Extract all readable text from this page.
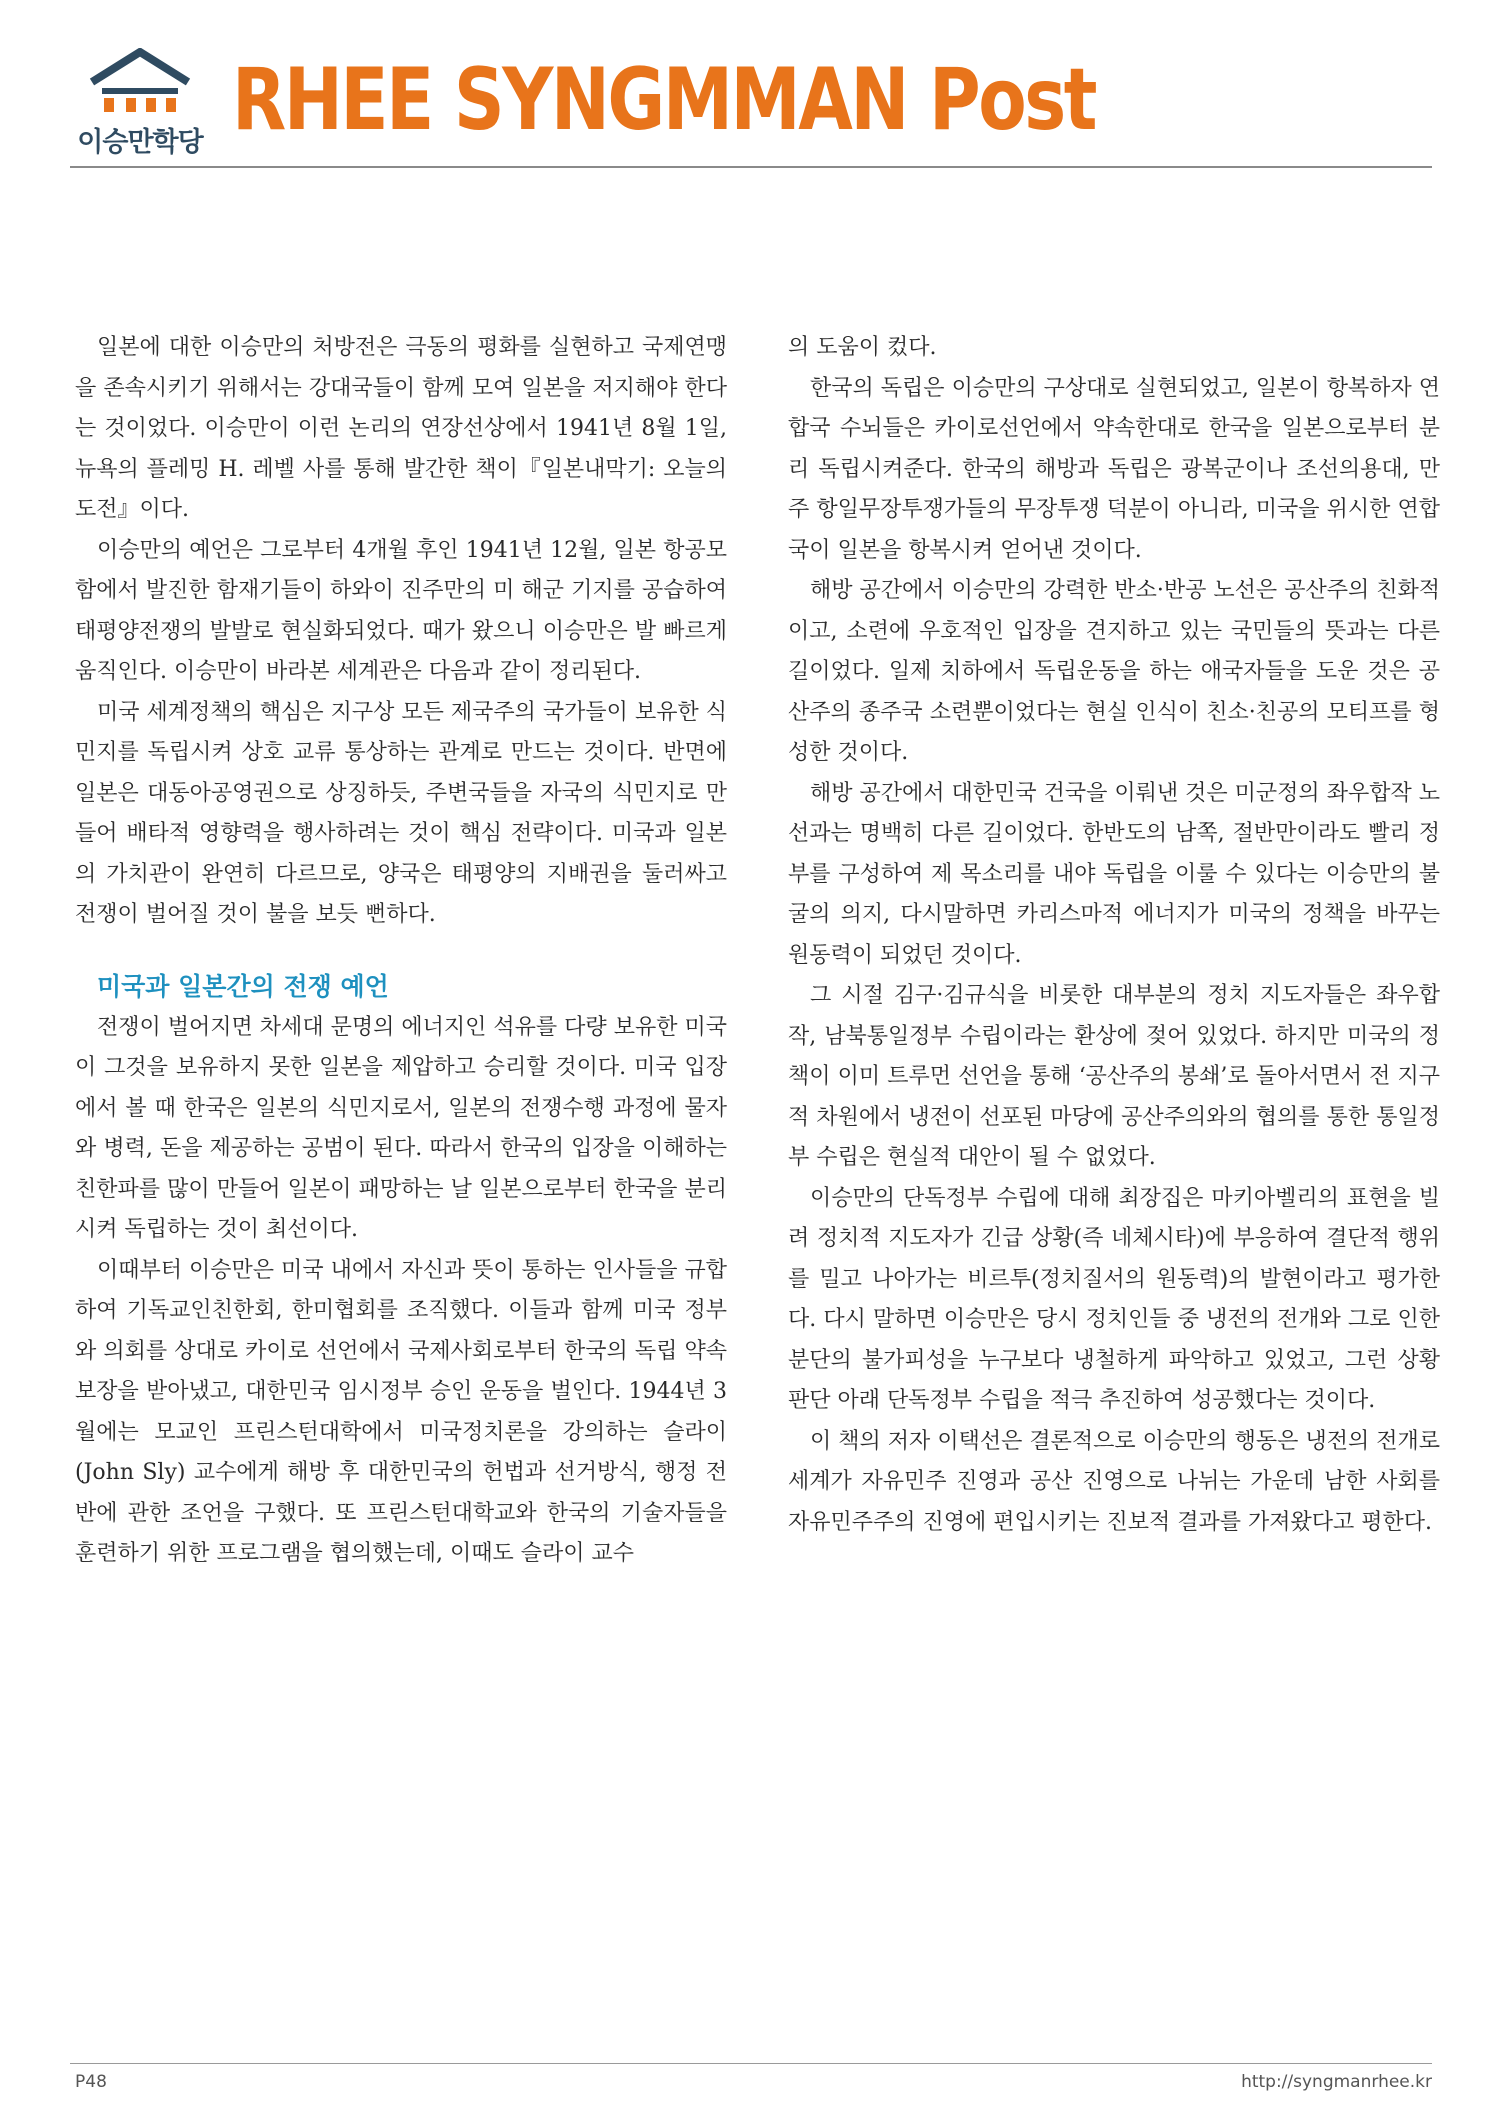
이승만학당 RHEE SYNGMMAN Post

일본에 대한 이승만의 처방전은 극동의 평화를 실현하고 국제연맹을 존속시키기 위해서는 강대국들이 함께 모여 일본을 저지해야 한다는 것이었다. 이승만이 이런 논리의 연장선상에서 1941년 8월 1일, 뉴욕의 플레밍 H. 레벨 사를 통해 발간한 책이『일본내막기: 오늘의 도전』이다.

이승만의 예언은 그로부터 4개월 후인 1941년 12월, 일본 항공모함에서 발진한 함재기들이 하와이 진주만의 미 해군 기지를 공습하여 태평양전쟁의 발발로 현실화되었다. 때가 왔으니 이승만은 발 빠르게 움직인다. 이승만이 바라본 세계관은 다음과 같이 정리된다.

미국 세계정책의 핵심은 지구상 모든 제국주의 국가들이 보유한 식민지를 독립시켜 상호 교류 통상하는 관계로 만드는 것이다. 반면에 일본은 대동아공영권으로 상징하듯, 주변국들을 자국의 식민지로 만들어 배타적 영향력을 행사하려는 것이 핵심 전략이다. 미국과 일본의 가치관이 완연히 다르므로, 양국은 태평양의 지배권을 둘러싸고 전쟁이 벌어질 것이 불을 보듯 뻔하다.

미국과 일본간의 전쟁 예언

전쟁이 벌어지면 차세대 문명의 에너지인 석유를 다량 보유한 미국이 그것을 보유하지 못한 일본을 제압하고 승리할 것이다. 미국 입장에서 볼 때 한국은 일본의 식민지로서, 일본의 전쟁수행 과정에 물자와 병력, 돈을 제공하는 공범이 된다. 따라서 한국의 입장을 이해하는 친한파를 많이 만들어 일본이 패망하는 날 일본으로부터 한국을 분리시켜 독립하는 것이 최선이다.

이때부터 이승만은 미국 내에서 자신과 뜻이 통하는 인사들을 규합하여 기독교인친한회, 한미협회를 조직했다. 이들과 함께 미국 정부와 의회를 상대로 카이로 선언에서 국제사회로부터 한국의 독립 약속 보장을 받아냈고, 대한민국 임시정부 승인 운동을 벌인다. 1944년 3월에는 모교인 프린스턴대학에서 미국정치론을 강의하는 슬라이(John Sly) 교수에게 해방 후 대한민국의 헌법과 선거방식, 행정 전반에 관한 조언을 구했다. 또 프린스턴대학교와 한국의 기술자들을 훈련하기 위한 프로그램을 협의했는데, 이때도 슬라이 교수

의 도움이 컸다.

한국의 독립은 이승만의 구상대로 실현되었고, 일본이 항복하자 연합국 수뇌들은 카이로선언에서 약속한대로 한국을 일본으로부터 분리 독립시켜준다. 한국의 해방과 독립은 광복군이나 조선의용대, 만주 항일무장투쟁가들의 무장투쟁 덕분이 아니라, 미국을 위시한 연합국이 일본을 항복시켜 얻어낸 것이다.

해방 공간에서 이승만의 강력한 반소·반공 노선은 공산주의 친화적이고, 소련에 우호적인 입장을 견지하고 있는 국민들의 뜻과는 다른 길이었다. 일제 치하에서 독립운동을 하는 애국자들을 도운 것은 공산주의 종주국 소련뿐이었다는 현실 인식이 친소·친공의 모티프를 형성한 것이다.

해방 공간에서 대한민국 건국을 이뤄낸 것은 미군정의 좌우합작 노선과는 명백히 다른 길이었다. 한반도의 남쪽, 절반만이라도 빨리 정부를 구성하여 제 목소리를 내야 독립을 이룰 수 있다는 이승만의 불굴의 의지, 다시말하면 카리스마적 에너지가 미국의 정책을 바꾸는 원동력이 되었던 것이다.

그 시절 김구·김규식을 비롯한 대부분의 정치 지도자들은 좌우합작, 남북통일정부 수립이라는 환상에 젖어 있었다. 하지만 미국의 정책이 이미 트루먼 선언을 통해 ‘공산주의 봉쇄’로 돌아서면서 전 지구적 차원에서 냉전이 선포된 마당에 공산주의와의 협의를 통한 통일정부 수립은 현실적 대안이 될 수 없었다.

이승만의 단독정부 수립에 대해 최장집은 마키아벨리의 표현을 빌려 정치적 지도자가 긴급 상황(즉 네체시타)에 부응하여 결단적 행위를 밀고 나아가는 비르투(정치질서의 원동력)의 발현이라고 평가한다. 다시 말하면 이승만은 당시 정치인들 중 냉전의 전개와 그로 인한 분단의 불가피성을 누구보다 냉철하게 파악하고 있었고, 그런 상황 판단 아래 단독정부 수립을 적극 추진하여 성공했다는 것이다.

이 책의 저자 이택선은 결론적으로 이승만의 행동은 냉전의 전개로 세계가 자유민주 진영과 공산 진영으로 나뉘는 가운데 남한 사회를 자유민주주의 진영에 편입시키는 진보적 결과를 가져왔다고 평한다.

P48	http://syngmanrhee.kr
